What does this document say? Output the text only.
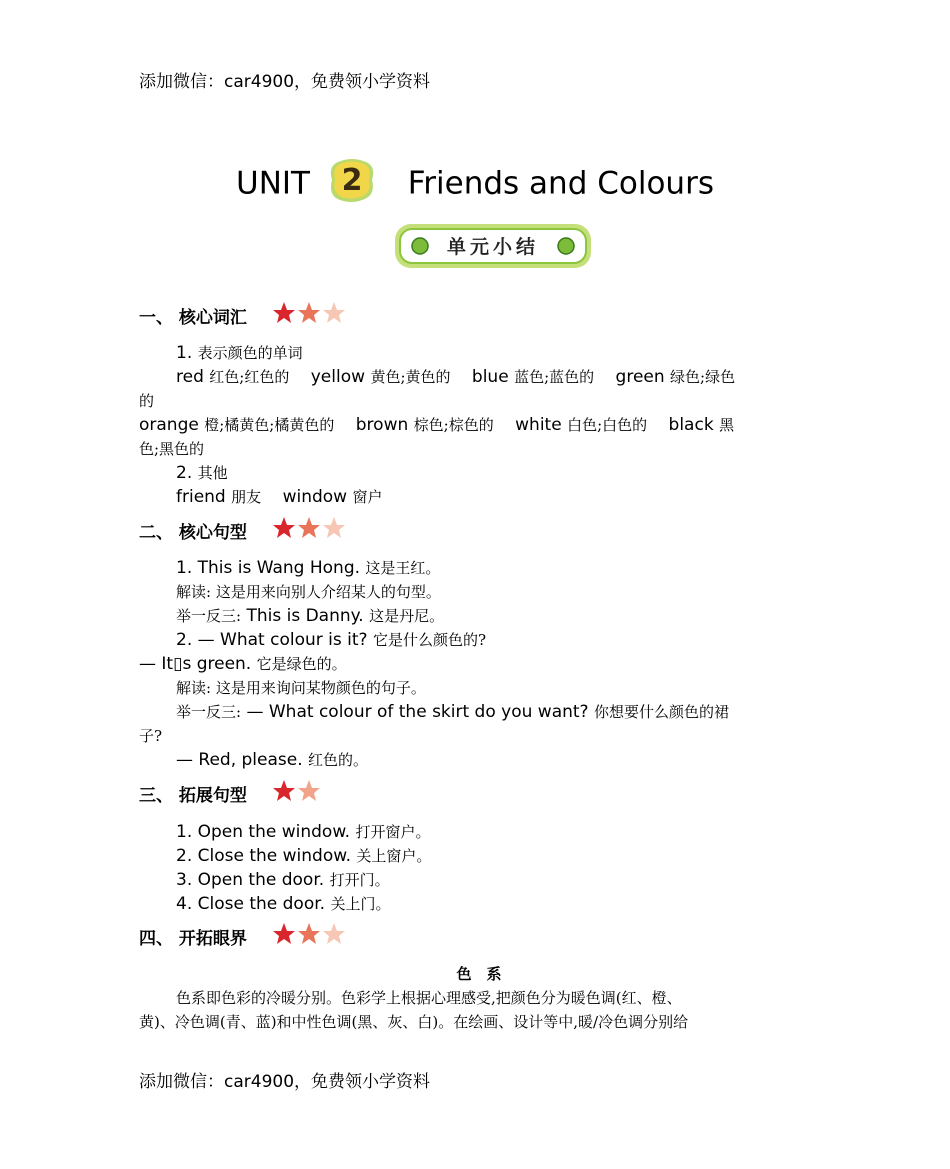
添加微信：car4900，免费领小学资料
UNIT 2 Friends and Colours
单元小结
一、 核心词汇
1. 表示颜色的单词
red 红色;红色的 yellow 黄色;黄色的 blue 蓝色;蓝色的 green 绿色;绿色
的
orange 橙;橘黄色;橘黄色的 brown 棕色;棕色的 white 白色;白色的 black 黑
色;黑色的
2. 其他
friend 朋友 window 窗户
二、 核心句型
1. This is Wang Hong. 这是王红。
解读: 这是用来向别人介绍某人的句型。
举一反三: This is Danny. 这是丹尼。
2. — What colour is it? 它是什么颜色的?
— It▯s green. 它是绿色的。
解读: 这是用来询问某物颜色的句子。
举一反三: — What colour of the skirt do you want? 你想要什么颜色的裙
子?
— Red, please. 红色的。
三、 拓展句型
1. Open the window. 打开窗户。
2. Close the window. 关上窗户。
3. Open the door. 打开门。
4. Close the door. 关上门。
四、 开拓眼界
色　系
色系即色彩的冷暖分别。色彩学上根据心理感受,把颜色分为暖色调(红、橙、
黄)、冷色调(青、蓝)和中性色调(黑、灰、白)。在绘画、设计等中,暖/冷色调分别给
添加微信：car4900，免费领小学资料
